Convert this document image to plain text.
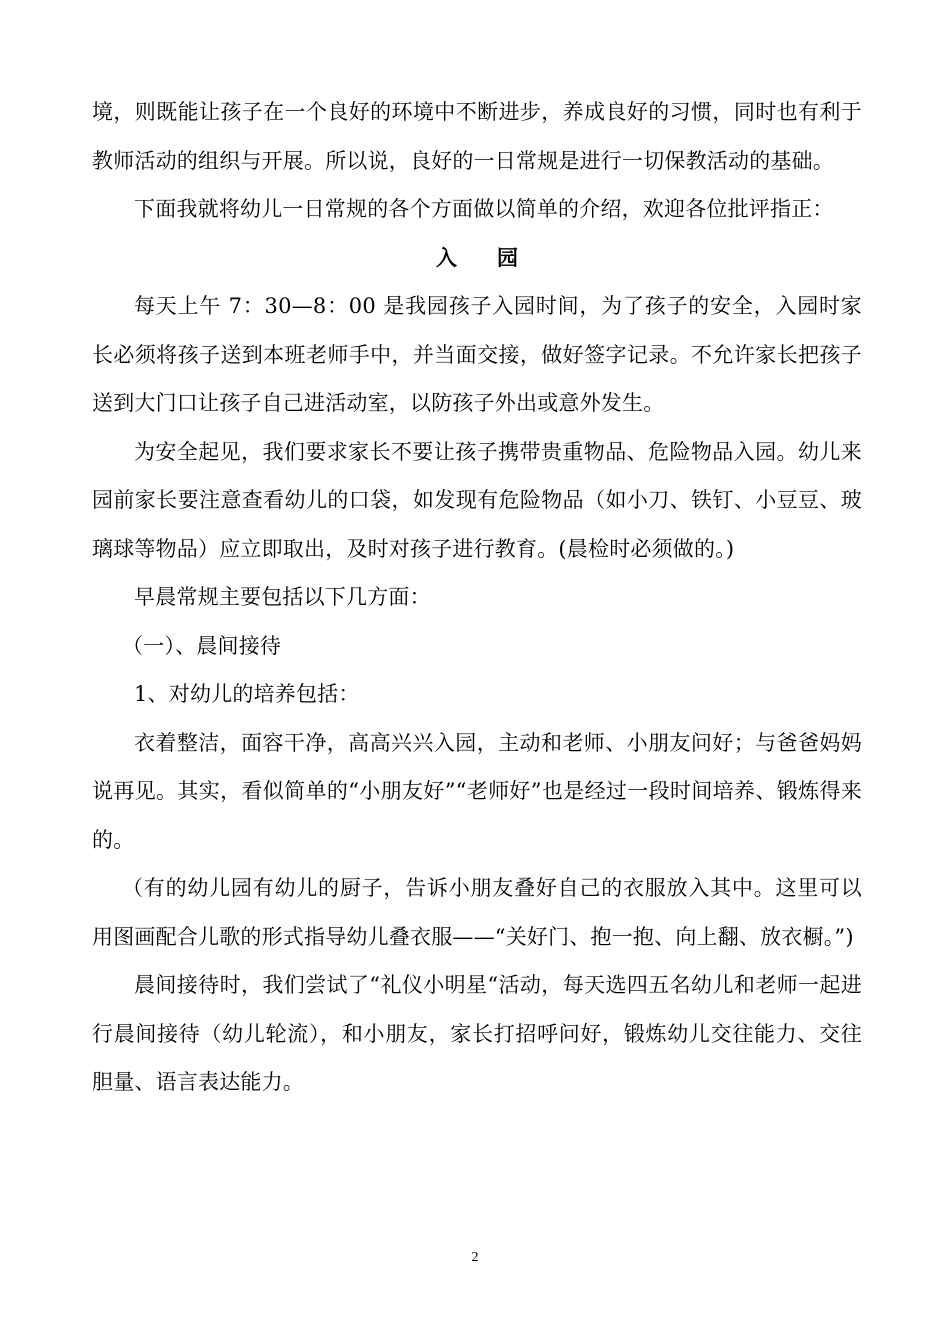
境，则既能让孩子在一个良好的环境中不断进步，养成良好的习惯，同时也有利于教师活动的组织与开展。所以说，良好的一日常规是进行一切保教活动的基础。

下面我就将幼儿一日常规的各个方面做以简单的介绍，欢迎各位批评指正：

入园

每天上午 7：30—8：00 是我园孩子入园时间，为了孩子的安全，入园时家长必须将孩子送到本班老师手中，并当面交接，做好签字记录。不允许家长把孩子送到大门口让孩子自己进活动室，以防孩子外出或意外发生。

为安全起见，我们要求家长不要让孩子携带贵重物品、危险物品入园。幼儿来园前家长要注意查看幼儿的口袋，如发现有危险物品（如小刀、铁钉、小豆豆、玻璃球等物品）应立即取出，及时对孩子进行教育。(晨检时必须做的。)

早晨常规主要包括以下几方面：

（一）、晨间接待

1、对幼儿的培养包括：

衣着整洁，面容干净，高高兴兴入园，主动和老师、小朋友问好；与爸爸妈妈说再见。其实，看似简单的“小朋友好”“老师好”也是经过一段时间培养、锻炼得来的。

（有的幼儿园有幼儿的厨子，告诉小朋友叠好自己的衣服放入其中。这里可以用图画配合儿歌的形式指导幼儿叠衣服——“关好门、抱一抱、向上翻、放衣橱。”)

晨间接待时，我们尝试了“礼仪小明星“活动，每天选四五名幼儿和老师一起进行晨间接待（幼儿轮流），和小朋友，家长打招呼问好，锻炼幼儿交往能力、交往胆量、语言表达能力。

2
